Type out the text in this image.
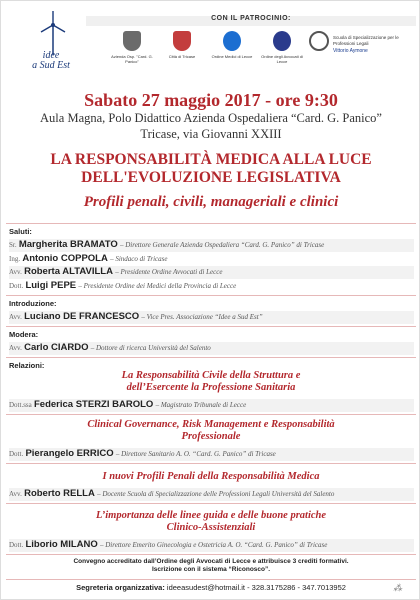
idee
a Sud Est
CON IL PATROCINIO:
Azienda Osp. "Card. G. Panico"
Città di Tricase	Ordine Medici di Lecce	Ordine degli Avvocati di Lecce
Scuola di Specializzazione per le Professioni Legali
Vittorio Aymone
Sabato 27 maggio 2017 - ore 9:30
Aula Magna, Polo Didattico Azienda Ospedaliera “Card. G. Panico”
Tricase, via Giovanni XXIII
LA RESPONSABILITÀ MEDICA ALLA LUCE
DELL'EVOLUZIONE LEGISLATIVA
Profili penali, civili, manageriali e clinici
Saluti:
Sr. Margherita BRAMATO – Direttore Generale Azienda Ospedaliera “Card. G. Panico” di Tricase
Ing. Antonio COPPOLA – Sindaco di Tricase
Avv. Roberta ALTAVILLA – Presidente Ordine Avvocati di Lecce
Dott. Luigi PEPE – Presidente Ordine dei Medici della Provincia di Lecce
Introduzione:
Avv. Luciano DE FRANCESCO – Vice Pres. Associazione “Idee a Sud Est”
Modera:
Avv. Carlo CIARDO – Dottore di ricerca Università del Salento
Relazioni:
La Responsabilità Civile della Struttura e
dell’Esercente la Professione Sanitaria
Dott.ssa Federica STERZI BAROLO – Magistrato Tribunale di Lecce
Clinical Governance, Risk Management e Responsabilità
Professionale
Dott. Pierangelo ERRICO – Direttore Sanitario A. O. “Card. G. Panico” di Tricase
I nuovi Profili Penali della Responsabilità Medica
Avv. Roberto RELLA – Docente Scuola di Specializzazione delle Professioni Legali Università del Salento
L’importanza delle linee guida e delle buone pratiche
Clinico-Assistenziali
Dott. Liborio MILANO – Direttore Emerito Ginecologia e Ostetricia A. O. “Card. G. Panico” di Tricase
Convegno accreditato dall’Ordine degli Avvocati di Lecce e attribuisce 3 crediti formativi.
Iscrizione con il sistema “Riconosco”.
Segreteria organizzativa: ideeasudest@hotmail.it - 328.3175286 - 347.7013952	⁂
